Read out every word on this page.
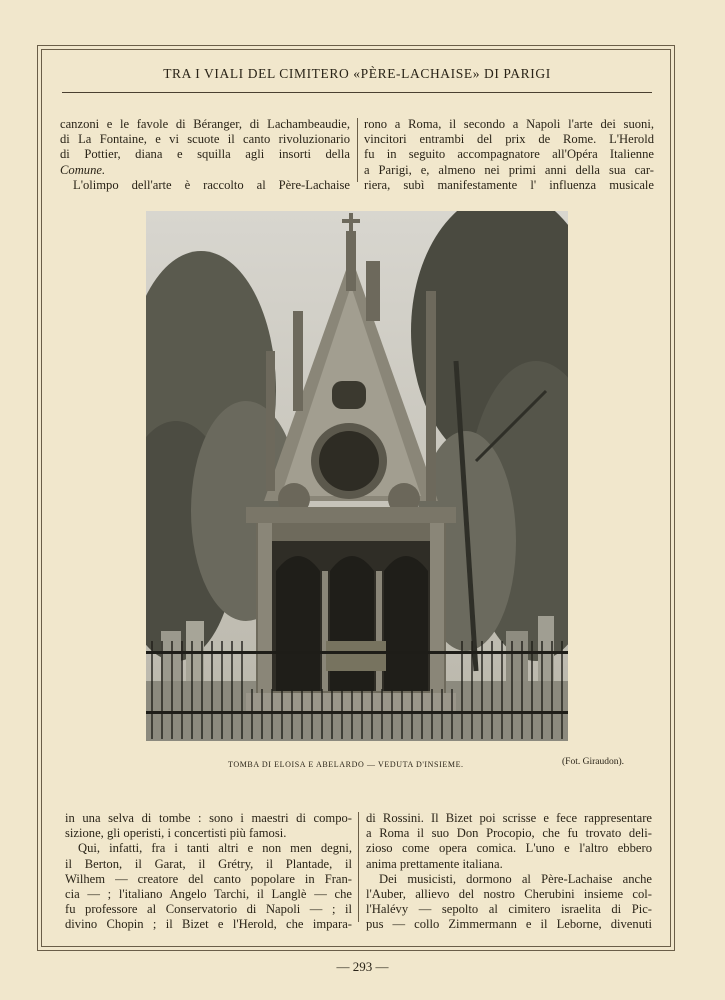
TRA I VIALI DEL CIMITERO «PÈRE-LACHAISE» DI PARIGI
canzoni e le favole di Béranger, di Lachambeaudie,
di La Fontaine, e vi scuote il canto rivoluzionario
di Pottier, diana e squilla agli insorti della
Comune.
L'olimpo dell'arte è raccolto al Père-Lachaise
rono a Roma, il secondo a Napoli l'arte dei suoni,
vincitori entrambi del prix de Rome. L'Herold
fu in seguito accompagnatore all'Opéra Italienne
a Parigi, e, almeno nei primi anni della sua car-
riera, subì manifestamente l' influenza musicale
TOMBA DI ELOISA E ABELARDO — VEDUTA D'INSIEME.	(Fot. Giraudon).
in una selva di tombe : sono i maestri di compo-
sizione, gli operisti, i concertisti più famosi.
Qui, infatti, fra i tanti altri e non men degni,
il Berton, il Garat, il Grétry, il Plantade, il
Wilhem — creatore del canto popolare in Fran-
cia — ; l'italiano Angelo Tarchi, il Langlè — che
fu professore al Conservatorio di Napoli — ; il
divino Chopin ; il Bizet e l'Herold, che impara-
di Rossini. Il Bizet poi scrisse e fece rappresentare
a Roma il suo Don Procopio, che fu trovato deli-
zioso come opera comica. L'uno e l'altro ebbero
anima prettamente italiana.
Dei musicisti, dormono al Père-Lachaise anche
l'Auber, allievo del nostro Cherubini insieme col-
l'Halévy — sepolto al cimitero israelita di Pic-
pus — collo Zimmermann e il Leborne, divenuti
— 293 —
